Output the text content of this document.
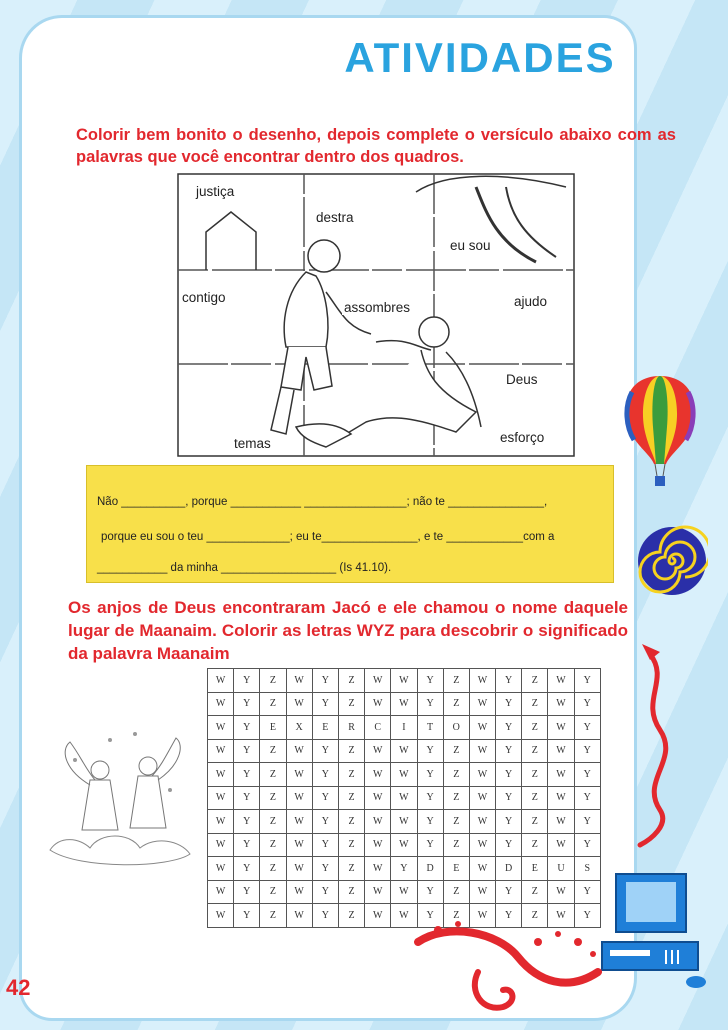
ATIVIDADES
Colorir bem bonito o desenho, depois complete o versículo abaixo com as palavras que você encontrar dentro dos quadros.
justiça
destra
eu sou
contigo
assombres	ajudo
Deus
temas	esforço
Não __________, porque ___________ ________________; não te _______________,
porque eu sou o teu _____________; eu te_______________, e te ____________com a
___________ da minha __________________ (Is 41.10).
Os anjos de Deus encontraram Jacó e ele chamou o nome daquele lugar de Maanaim. Colorir as letras WYZ para descobrir o significado da palavra Maanaim
W	Y	Z	W	Y	Z	W	W	Y	Z	W	Y	Z	W	Y
W	Y	Z	W	Y	Z	W	W	Y	Z	W	Y	Z	W	Y
W	Y	E	X	E	R	C	I	T	O	W	Y	Z	W	Y
W	Y	Z	W	Y	Z	W	W	Y	Z	W	Y	Z	W	Y
W	Y	Z	W	Y	Z	W	W	Y	Z	W	Y	Z	W	Y
W	Y	Z	W	Y	Z	W	W	Y	Z	W	Y	Z	W	Y
W	Y	Z	W	Y	Z	W	W	Y	Z	W	Y	Z	W	Y
W	Y	Z	W	Y	Z	W	W	Y	Z	W	Y	Z	W	Y
W	Y	Z	W	Y	Z	W	Y	D	E	W	D	E	U	S
W	Y	Z	W	Y	Z	W	W	Y	Z	W	Y	Z	W	Y
W	Y	Z	W	Y	Z	W	W	Y	Z	W	Y	Z	W	Y
42
